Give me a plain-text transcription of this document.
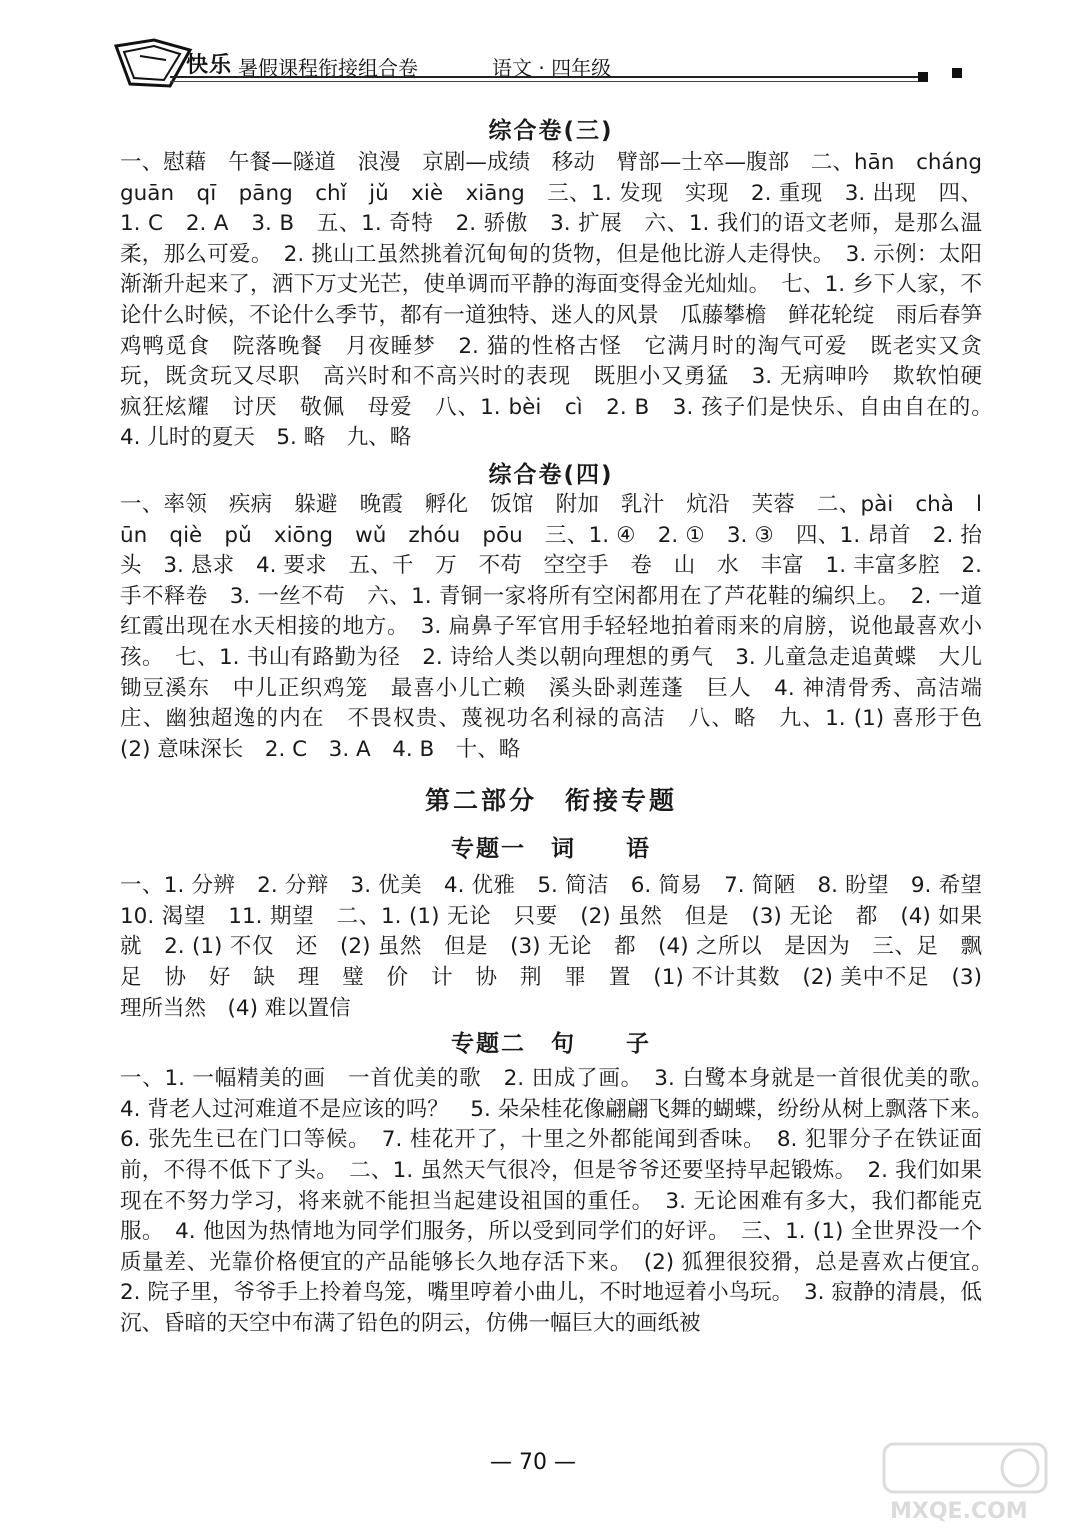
快乐 暑假课程衔接组合卷	语文 · 四年级
综合卷(三)

一、慰藉　午餐—隧道　浪漫　京剧—成绩　移动　臂部—士卒—腹部　二、hān　cháng　guān　qī　pāng　chǐ　jǔ　xiè　xiāng　三、1. 发现　实现　2. 重现　3. 出现　四、1. C　2. A　3. B　五、1. 奇特　2. 骄傲　3. 扩展　六、1. 我们的语文老师，是那么温柔，那么可爱。　2. 挑山工虽然挑着沉甸甸的货物，但是他比游人走得快。　3. 示例：太阳渐渐升起来了，洒下万丈光芒，使单调而平静的海面变得金光灿灿。　七、1. 乡下人家，不论什么时候，不论什么季节，都有一道独特、迷人的风景　瓜藤攀檐　鲜花轮绽　雨后春笋　鸡鸭觅食　院落晚餐　月夜睡梦　2. 猫的性格古怪　它满月时的淘气可爱　既老实又贪玩，既贪玩又尽职　高兴时和不高兴时的表现　既胆小又勇猛　3. 无病呻吟　欺软怕硬　疯狂炫耀　讨厌　敬佩　母爱　八、1. bèi　cì　2. B　3. 孩子们是快乐、自由自在的。　4. 儿时的夏天　5. 略　九、略

综合卷(四)

一、率领　疾病　躲避　晚霞　孵化　饭馆　附加　乳汁　炕沿　芙蓉　二、pài　chà　lūn　qiè　pǔ　xiōng　wǔ　zhóu　pōu　三、1. ④　2. ①　3. ③　四、1. 昂首　2. 抬头　3. 恳求　4. 要求　五、千　万　不苟　空空手　卷　山　水　丰富　1. 丰富多腔　2. 手不释卷　3. 一丝不苟　六、1. 青铜一家将所有空闲都用在了芦花鞋的编织上。　2. 一道红霞出现在水天相接的地方。　3. 扁鼻子军官用手轻轻地拍着雨来的肩膀，说他最喜欢小孩。　七、1. 书山有路勤为径　2. 诗给人类以朝向理想的勇气　3. 儿童急走追黄蝶　大儿锄豆溪东　中儿正织鸡笼　最喜小儿亡赖　溪头卧剥莲蓬　巨人　4. 神清骨秀、高洁端庄、幽独超逸的内在　不畏权贵、蔑视功名利禄的高洁　八、略　九、1. (1) 喜形于色　(2) 意味深长　2. C　3. A　4. B　十、略

第二部分　衔接专题
专题一　词　　语

一、1. 分辨　2. 分辩　3. 优美　4. 优雅　5. 简洁　6. 简易　7. 简陋　8. 盼望　9. 希望　10. 渴望　11. 期望　二、1. (1) 无论　只要　(2) 虽然　但是　(3) 无论　都　(4) 如果　就　2. (1) 不仅　还　(2) 虽然　但是　(3) 无论　都　(4) 之所以　是因为　三、足　飘　足　协　好　缺　理　璧　价　计　协　荆　罪　置　(1) 不计其数　(2) 美中不足　(3) 理所当然　(4) 难以置信

专题二　句　　子

一、1. 一幅精美的画　一首优美的歌　2. 田成了画。　3. 白鹭本身就是一首很优美的歌。　4. 背老人过河难道不是应该的吗？　5. 朵朵桂花像翩翩飞舞的蝴蝶，纷纷从树上飘落下来。　6. 张先生已在门口等候。　7. 桂花开了，十里之外都能闻到香味。　8. 犯罪分子在铁证面前，不得不低下了头。　二、1. 虽然天气很冷，但是爷爷还要坚持早起锻炼。　2. 我们如果现在不努力学习，将来就不能担当起建设祖国的重任。　3. 无论困难有多大，我们都能克服。　4. 他因为热情地为同学们服务，所以受到同学们的好评。　三、1. (1) 全世界没一个质量差、光靠价格便宜的产品能够长久地存活下来。　(2) 狐狸很狡猾，总是喜欢占便宜。　2. 院子里，爷爷手上拎着鸟笼，嘴里哼着小曲儿，不时地逗着小鸟玩。　3. 寂静的清晨，低沉、昏暗的天空中布满了铅色的阴云，仿佛一幅巨大的画纸被

— 70 —
MXQE.COM
